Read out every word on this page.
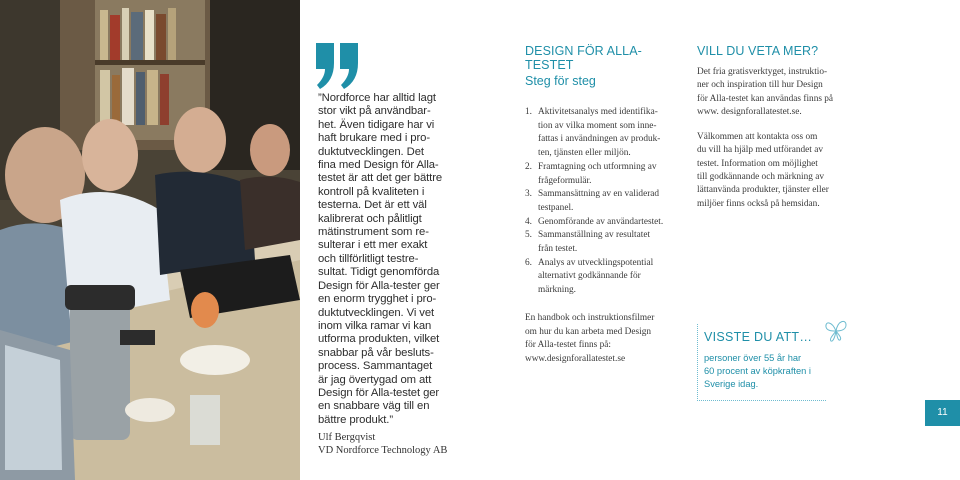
”Nordforce har alltid lagt
stor vikt på användbar-
het. Även tidigare har vi
haft brukare med i pro-
duktutvecklingen. Det
fina med Design för Alla-
testet är att det ger bättre
kontroll på kvaliteten i
testerna. Det är ett väl
kalibrerat och pålitligt
mätinstrument som re-
sulterar i ett mer exakt
och tillförlitligt testre-
sultat. Tidigt genomförda
Design för Alla-tester ger
en enorm trygghet i pro-
duktutvecklingen. Vi vet
inom vilka ramar vi kan
utforma produkten, vilket
snabbar på vår besluts-
process. Sammantaget
är jag övertygad om att
Design för Alla-testet ger
en snabbare väg till en
bättre produkt.”
Ulf Bergqvist
VD Nordforce Technology AB
DESIGN FÖR ALLA-TESTET
Steg för steg
1. Aktivitetsanalys med identifika-
tion av vilka moment som inne-
fattas i användningen av produk-
ten, tjänsten eller miljön.
2. Framtagning och utformning av
frågeformulär.
3. Sammansättning av en validerad
testpanel.
4. Genomförande av användartestet.
5. Sammanställning av resultatet
från testet.
6. Analys av utvecklingspotential
alternativt godkännande för
märkning.
En handbok och instruktionsfilmer
om hur du kan arbeta med Design
för Alla-testet finns på:
www.designforallatestet.se
VILL DU VETA MER?
Det fria gratisverktyget, instruktio-
ner och inspiration till hur Design
för Alla-testet kan användas finns på
www. designforallatestet.se.
Välkommen att kontakta oss om
du vill ha hjälp med utförandet av
testet. Information om möjlighet
till godkännande och märkning av
lättanvända produkter, tjänster eller
miljöer finns också på hemsidan.
VISSTE DU ATT…
personer över 55 år har
60 procent av köpkraften i
Sverige idag.
11
